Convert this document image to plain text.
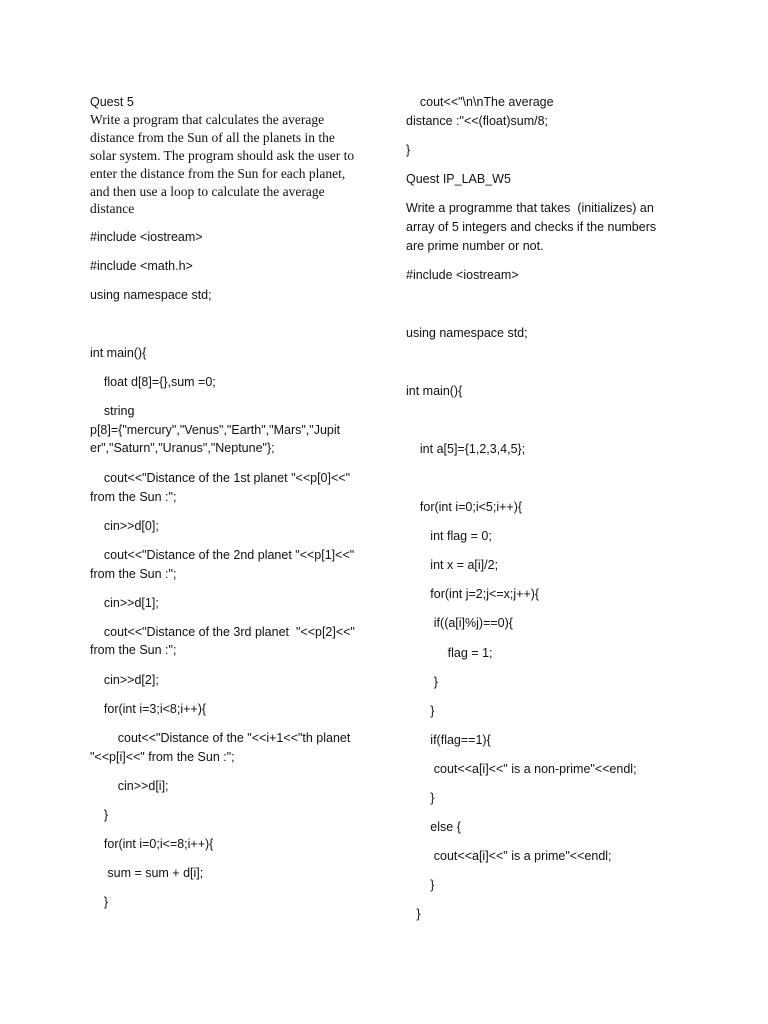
Quest 5
Write a program that calculates the average
distance from the Sun of all the planets in the
solar system. The program should ask the user to
enter the distance from the Sun for each planet,
and then use a loop to calculate the average
distance
#include <iostream>
#include <math.h>
using namespace std;
int main(){
float d[8]={},sum =0;
string
p[8]={"mercury","Venus","Earth","Mars","Jupit
er","Saturn","Uranus","Neptune"};
cout<<"Distance of the 1st planet "<<p[0]<<"
from the Sun :";
cin>>d[0];
cout<<"Distance of the 2nd planet "<<p[1]<<"
from the Sun :";
cin>>d[1];
cout<<"Distance of the 3rd planet  "<<p[2]<<"
from the Sun :";
cin>>d[2];
for(int i=3;i<8;i++){
cout<<"Distance of the "<<i+1<<"th planet
"<<p[i]<<" from the Sun :";
cin>>d[i];
}
for(int i=0;i<=8;i++){
sum = sum + d[i];
}
cout<<"\n\nThe average
distance :"<<(float)sum/8;
}
Quest IP_LAB_W5
Write a programme that takes  (initializes) an
array of 5 integers and checks if the numbers
are prime number or not.
#include <iostream>
using namespace std;
int main(){
int a[5]={1,2,3,4,5};
for(int i=0;i<5;i++){
int flag = 0;
int x = a[i]/2;
for(int j=2;j<=x;j++){
if((a[i]%j)==0){
flag = 1;
}
}
if(flag==1){
cout<<a[i]<<" is a non-prime"<<endl;
}
else {
cout<<a[i]<<" is a prime"<<endl;
}
}
